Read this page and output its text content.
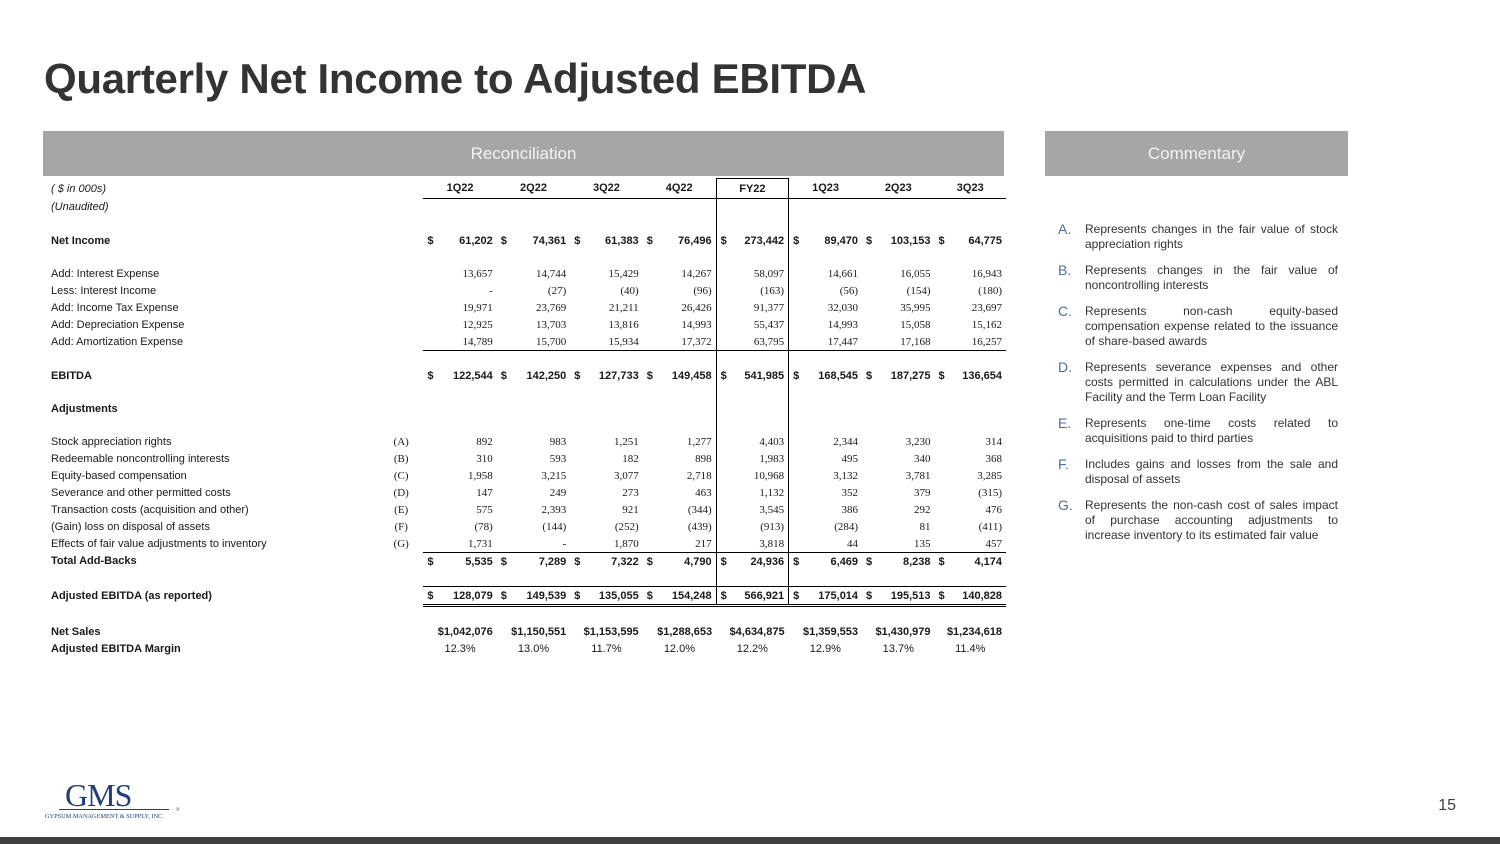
Quarterly Net Income to Adjusted EBITDA
Reconciliation	Commentary
( $ in 000s)		1Q22	2Q22	3Q22	4Q22	FY22	1Q23	2Q23	3Q23
(Unaudited)									

Net Income		$ 61,202	$ 74,361	$ 61,383	$ 76,496	$ 273,442	$ 89,470	$ 103,153	$ 64,775

Add: Interest Expense		13,657	14,744	15,429	14,267	58,097	14,661	16,055	16,943
Less: Interest Income		-	(27)	(40)	(96)	(163)	(56)	(154)	(180)
Add: Income Tax Expense		19,971	23,769	21,211	26,426	91,377	32,030	35,995	23,697
Add: Depreciation Expense		12,925	13,703	13,816	14,993	55,437	14,993	15,058	15,162
Add: Amortization Expense		14,789	15,700	15,934	17,372	63,795	17,447	17,168	16,257

EBITDA		$ 122,544	$ 142,250	$ 127,733	$ 149,458	$ 541,985	$ 168,545	$ 187,275	$ 136,654

Adjustments									

Stock appreciation rights	(A)	892	983	1,251	1,277	4,403	2,344	3,230	314
Redeemable noncontrolling interests	(B)	310	593	182	898	1,983	495	340	368
Equity-based compensation	(C)	1,958	3,215	3,077	2,718	10,968	3,132	3,781	3,285
Severance and other permitted costs	(D)	147	249	273	463	1,132	352	379	(315)
Transaction costs (acquisition and other)	(E)	575	2,393	921	(344)	3,545	386	292	476
(Gain) loss on disposal of assets	(F)	(78)	(144)	(252)	(439)	(913)	(284)	81	(411)
Effects of fair value adjustments to inventory	(G)	1,731	-	1,870	217	3,818	44	135	457
Total Add-Backs		$ 5,535	$ 7,289	$ 7,322	$ 4,790	$ 24,936	$ 6,469	$ 8,238	$ 4,174

Adjusted EBITDA (as reported)		$ 128,079	$ 149,539	$ 135,055	$ 154,248	$ 566,921	$ 175,014	$ 195,513	$ 140,828

Net Sales		$1,042,076	$1,150,551	$1,153,595	$1,288,653	$4,634,875	$1,359,553	$1,430,979	$1,234,618
Adjusted EBITDA Margin		12.3%	13.0%	11.7%	12.0%	12.2%	12.9%	13.7%	11.4%
A.	Represents changes in the fair value of stock appreciation rights
B.	Represents changes in the fair value of noncontrolling interests
C.	Represents non-cash equity-based compensation expense related to the issuance of share-based awards
D.	Represents severance expenses and other costs permitted in calculations under the ABL Facility and the Term Loan Facility
E.	Represents one-time costs related to acquisitions paid to third parties
F.	Includes gains and losses from the sale and disposal of assets
G.	Represents the non-cash cost of sales impact of purchase accounting adjustments to increase inventory to its estimated fair value
GMS
GYPSUM MANAGEMENT & SUPPLY, INC.
®	15
